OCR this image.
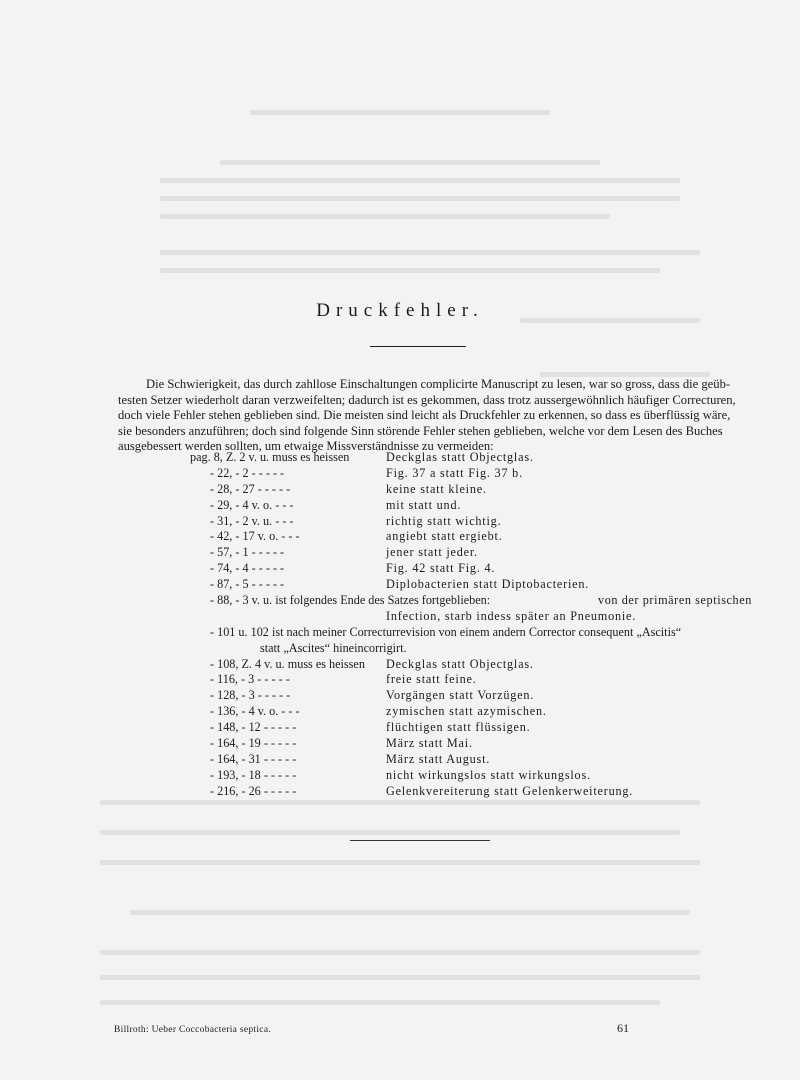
Druckfehler.
Die Schwierigkeit, das durch zahllose Einschaltungen complicirte Manuscript zu lesen, war so gross, dass die geüb-
testen Setzer wiederholt daran verzweifelten; dadurch ist es gekommen, dass trotz aussergewöhnlich häufiger Correcturen,
doch viele Fehler stehen geblieben sind. Die meisten sind leicht als Druckfehler zu erkennen, so dass es überflüssig wäre,
sie besonders anzuführen; doch sind folgende Sinn störende Fehler stehen geblieben, welche vor dem Lesen des Buches
ausgebessert werden sollten, um etwaige Missverständnisse zu vermeiden:
pag. 8, Z. 2 v. u. muss es heissen	Deckglas statt Objectglas.
- 22, - 2 - - - - -	Fig. 37 a statt Fig. 37 b.
- 28, - 27 - - - - -	keine statt kleine.
- 29, - 4 v. o. - - -	mit statt und.
- 31, - 2 v. u. - - -	richtig statt wichtig.
- 42, - 17 v. o. - - -	angiebt statt ergiebt.
- 57, - 1 - - - - -	jener statt jeder.
- 74, - 4 - - - - -	Fig. 42 statt Fig. 4.
- 87, - 5 - - - - -	Diplobacterien statt Diptobacterien.
- 88, - 3 v. u. ist folgendes Ende des Satzes fortgeblieben:	von der primären septischen
Infection, starb indess später an Pneumonie.
- 101 u. 102 ist nach meiner Correcturrevision von einem andern Corrector consequent „Ascitis“
statt „Ascites“ hineincorrigirt.
- 108, Z. 4 v. u. muss es heissen Deckglas statt Objectglas.
- 116, - 3 - - - - -	freie statt feine.
- 128, - 3 - - - - -	Vorgängen statt Vorzügen.
- 136, - 4 v. o. - - -	zymischen statt azymischen.
- 148, - 12 - - - - -	flüchtigen statt flüssigen.
- 164, - 19 - - - - -	März statt Mai.
- 164, - 31 - - - - -	März statt August.
- 193, - 18 - - - - -	nicht wirkungslos statt wirkungslos.
- 216, - 26 - - - - -	Gelenkvereiterung statt Gelenkerweiterung.
Billroth: Ueber Coccobacteria septica.	61
